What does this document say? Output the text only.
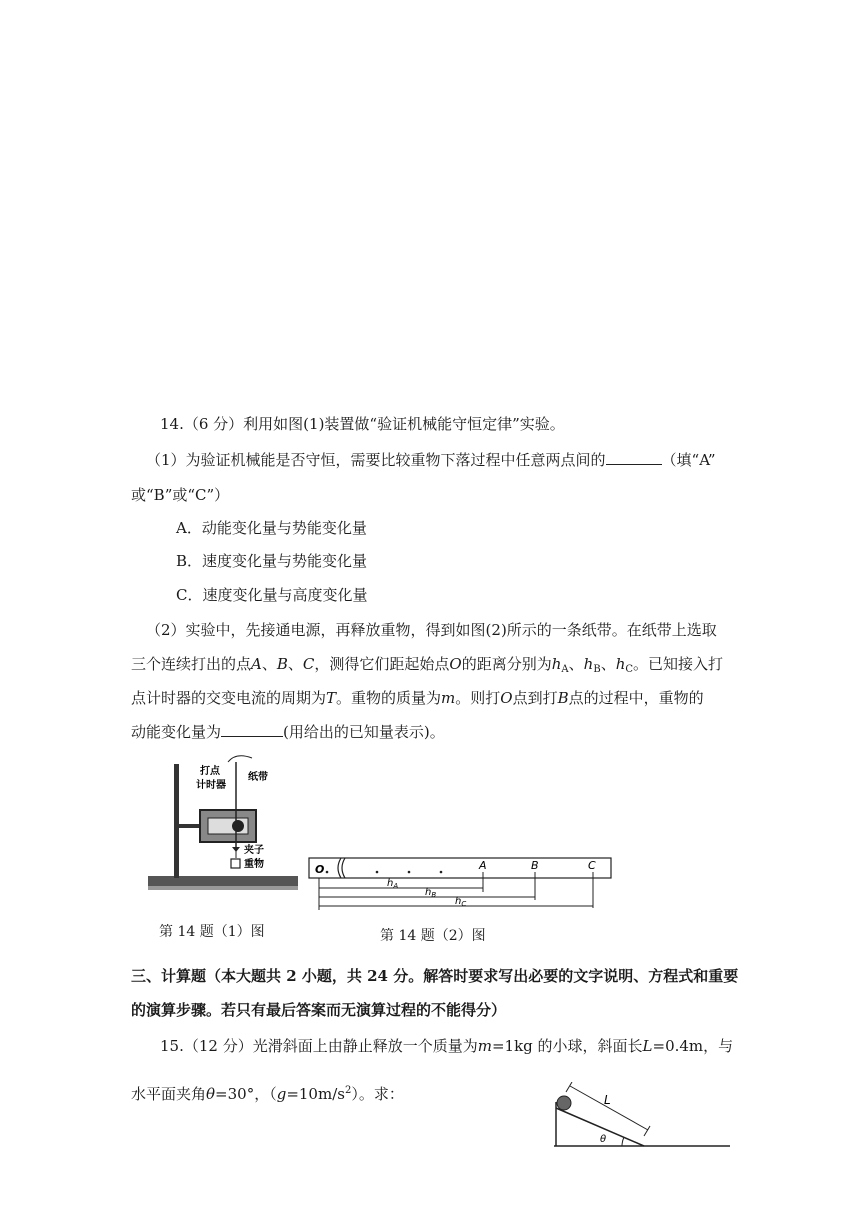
14.（6 分）利用如图(1)装置做“验证机械能守恒定律”实验。
（1）为验证机械能是否守恒，需要比较重物下落过程中任意两点间的	（填“A”
或“B”或“C”）
A．动能变化量与势能变化量
B．速度变化量与势能变化量
C．速度变化量与高度变化量
（2）实验中，先接通电源，再释放重物，得到如图(2)所示的一条纸带。在纸带上选取
三个连续打出的点A、B、C，测得它们距起始点O的距离分别为$h_A$、$h_B$、$h_C$。已知接入打
点计时器的交变电流的周期为T。重物的质量为m。则打O点到打B点的过程中，重物的
动能变化量为	(用给出的已知量表示)。
打点
计时器
纸带
夹子
重物	O	A	B	C
$h_A$
$h_B$
$h_C$
第 14 题（1）图	第 14 题（2）图
三、计算题（本大题共 2 小题，共 24 分。解答时要求写出必要的文字说明、方程式和重要
的演算步骤。若只有最后答案而无演算过程的不能得分）
15.（12 分）光滑斜面上由静止释放一个质量为m=1kg 的小球，斜面长L=0.4m，与
水平面夹角θ=30°，$(g=10m/s^2)$。求：	L
θ
